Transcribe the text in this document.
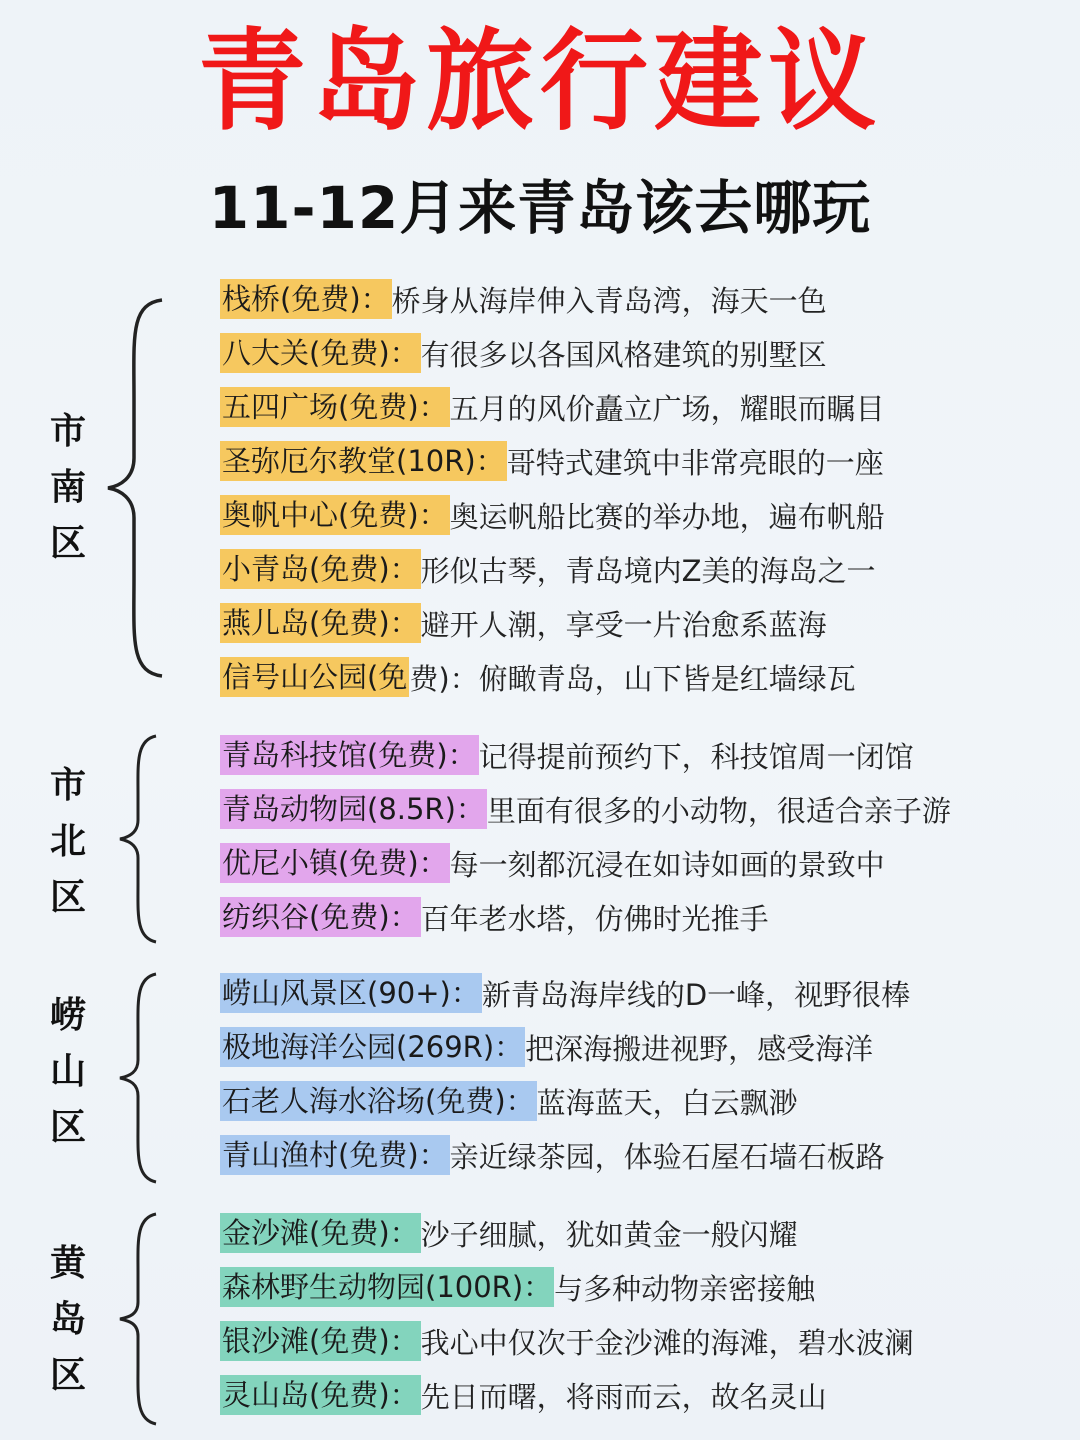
青岛旅行建议
11-12月来青岛该去哪玩
市
南
区
栈桥(免费)： 桥身从海岸伸入青岛湾，海天一色
八大关(免费)： 有很多以各国风格建筑的别墅区
五四广场(免费)： 五月的风价矗立广场，耀眼而瞩目
圣弥厄尔教堂(10R)： 哥特式建筑中非常亮眼的一座
奥帆中心(免费)： 奥运帆船比赛的举办地，遍布帆船
小青岛(免费)： 形似古琴，青岛境内Z美的海岛之一
燕儿岛(免费)： 避开人潮，享受一片治愈系蓝海
信号山公园(免 费)：俯瞰青岛，山下皆是红墙绿瓦
市
北
区
青岛科技馆(免费)： 记得提前预约下，科技馆周一闭馆
青岛动物园(8.5R)： 里面有很多的小动物，很适合亲子游
优尼小镇(免费)： 每一刻都沉浸在如诗如画的景致中
纺织谷(免费)： 百年老水塔，仿佛时光推手
崂
山
区
崂山风景区(90+)： 新青岛海岸线的D一峰，视野很棒
极地海洋公园(269R)： 把深海搬进视野，感受海洋
石老人海水浴场(免费)： 蓝海蓝天，白云飘渺
青山渔村(免费)： 亲近绿茶园，体验石屋石墙石板路
黄
岛
区
金沙滩(免费)： 沙子细腻，犹如黄金一般闪耀
森林野生动物园(100R)： 与多种动物亲密接触
银沙滩(免费)： 我心中仅次于金沙滩的海滩，碧水波澜
灵山岛(免费)： 先日而曙，将雨而云，故名灵山
